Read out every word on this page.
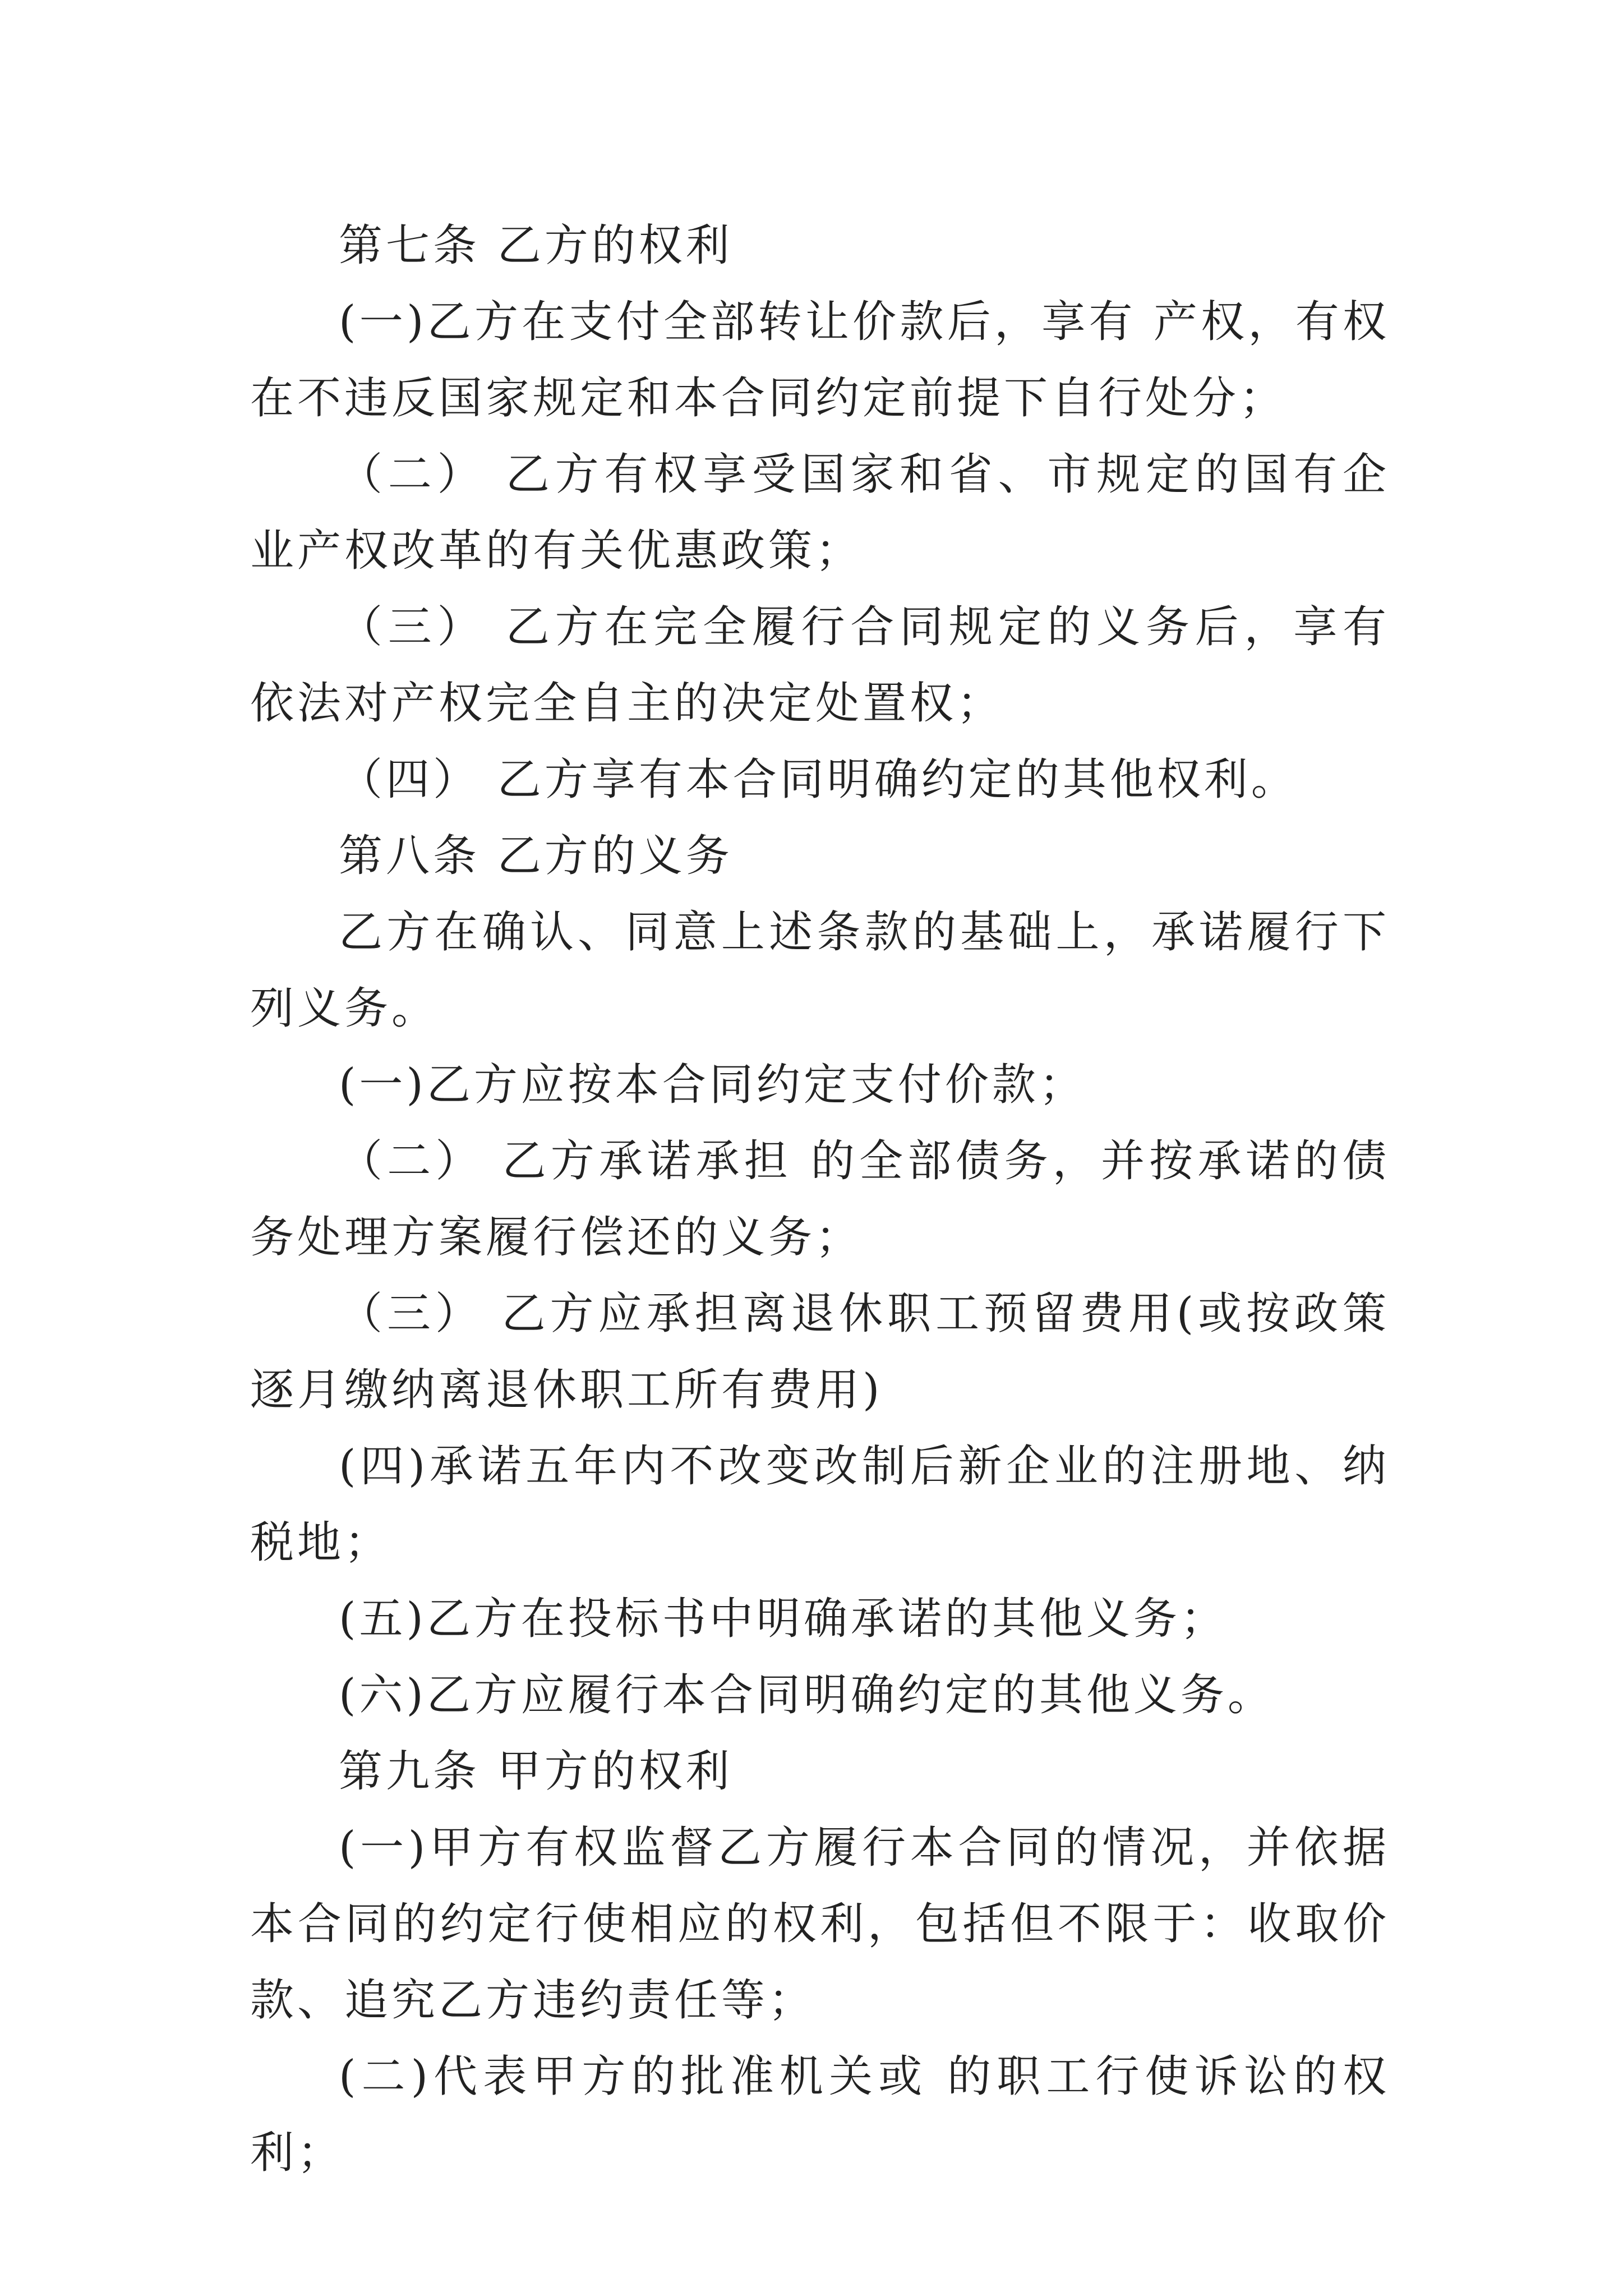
第七条 乙方的权利

(一)乙方在支付全部转让价款后，享有 产权，有权在不违反国家规定和本合同约定前提下自行处分；

（二） 乙方有权享受国家和省、市规定的国有企业产权改革的有关优惠政策；

（三） 乙方在完全履行合同规定的义务后，享有依法对产权完全自主的决定处置权；

（四） 乙方享有本合同明确约定的其他权利。

第八条 乙方的义务

乙方在确认、同意上述条款的基础上，承诺履行下列义务。

(一)乙方应按本合同约定支付价款；

（二） 乙方承诺承担 的全部债务，并按承诺的债务处理方案履行偿还的义务；

（三） 乙方应承担离退休职工预留费用(或按政策逐月缴纳离退休职工所有费用)

(四)承诺五年内不改变改制后新企业的注册地、纳税地；

(五)乙方在投标书中明确承诺的其他义务；

(六)乙方应履行本合同明确约定的其他义务。

第九条 甲方的权利

(一)甲方有权监督乙方履行本合同的情况，并依据本合同的约定行使相应的权利，包括但不限于：收取价款、追究乙方违约责任等；

(二)代表甲方的批准机关或 的职工行使诉讼的权利；
